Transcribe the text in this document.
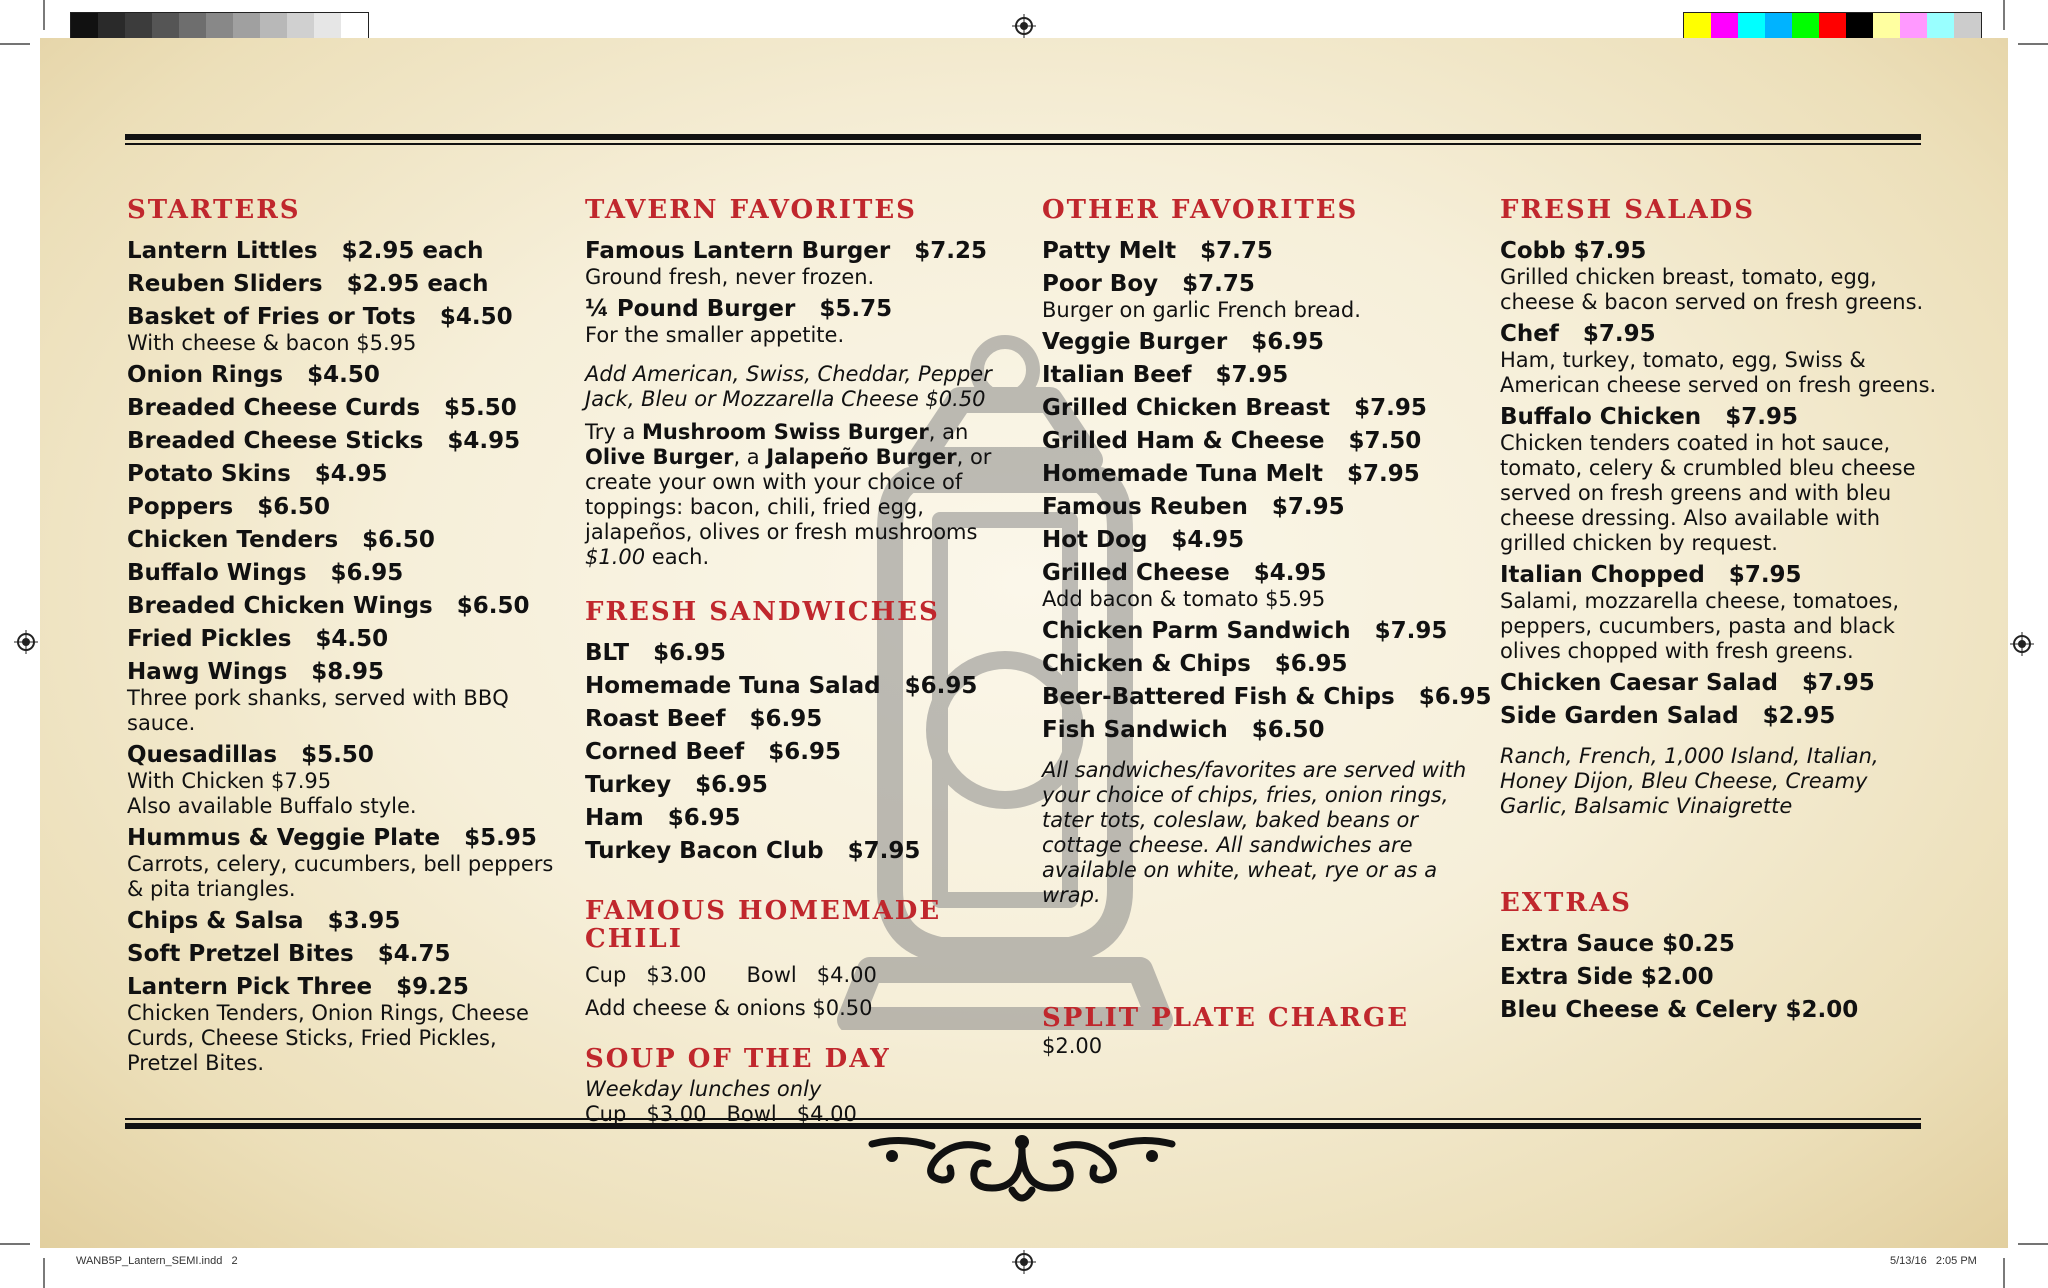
STARTERS
Lantern Littles   $2.95 each
Reuben Sliders   $2.95 each
Basket of Fries or Tots   $4.50
With cheese & bacon $5.95
Onion Rings   $4.50
Breaded Cheese Curds   $5.50
Breaded Cheese Sticks   $4.95
Potato Skins   $4.95
Poppers   $6.50
Chicken Tenders   $6.50
Buffalo Wings   $6.95
Breaded Chicken Wings   $6.50
Fried Pickles   $4.50
Hawg Wings   $8.95
Three pork shanks, served with BBQ sauce.
Quesadillas   $5.50
With Chicken $7.95
Also available Buffalo style.
Hummus & Veggie Plate   $5.95
Carrots, celery, cucumbers, bell peppers & pita triangles.
Chips & Salsa   $3.95
Soft Pretzel Bites   $4.75
Lantern Pick Three   $9.25
Chicken Tenders, Onion Rings, Cheese Curds, Cheese Sticks, Fried Pickles, Pretzel Bites.
TAVERN FAVORITES
Famous Lantern Burger   $7.25
Ground fresh, never frozen.
¼ Pound Burger   $5.75
For the smaller appetite.
Add American, Swiss, Cheddar, Pepper Jack, Bleu or Mozzarella Cheese $0.50
Try a Mushroom Swiss Burger, an Olive Burger, a Jalapeño Burger, or create your own with your choice of toppings: bacon, chili, fried egg, jalapeños, olives or fresh mushrooms $1.00 each.
FRESH SANDWICHES
BLT   $6.95
Homemade Tuna Salad   $6.95
Roast Beef   $6.95
Corned Beef   $6.95
Turkey   $6.95
Ham   $6.95
Turkey Bacon Club   $7.95
FAMOUS HOMEMADE CHILI
Cup   $3.00      Bowl   $4.00
Add cheese & onions $0.50
SOUP OF THE DAY
Weekday lunches only
Cup   $3.00   Bowl   $4.00
OTHER FAVORITES
Patty Melt   $7.75
Poor Boy   $7.75
Burger on garlic French bread.
Veggie Burger   $6.95
Italian Beef   $7.95
Grilled Chicken Breast   $7.95
Grilled Ham & Cheese   $7.50
Homemade Tuna Melt   $7.95
Famous Reuben   $7.95
Hot Dog   $4.95
Grilled Cheese   $4.95
Add bacon & tomato $5.95
Chicken Parm Sandwich   $7.95
Chicken & Chips   $6.95
Beer-Battered Fish & Chips   $6.95
Fish Sandwich   $6.50
All sandwiches/favorites are served with your choice of chips, fries, onion rings, tater tots, coleslaw, baked beans or cottage cheese. All sandwiches are available on white, wheat, rye or as a wrap.
SPLIT PLATE CHARGE
$2.00
FRESH SALADS
Cobb $7.95
Grilled chicken breast, tomato, egg, cheese & bacon served on fresh greens.
Chef   $7.95
Ham, turkey, tomato, egg, Swiss & American cheese served on fresh greens.
Buffalo Chicken   $7.95
Chicken tenders coated in hot sauce, tomato, celery & crumbled bleu cheese served on fresh greens and with bleu cheese dressing. Also available with grilled chicken by request.
Italian Chopped   $7.95
Salami, mozzarella cheese, tomatoes, peppers, cucumbers, pasta and black olives chopped with fresh greens.
Chicken Caesar Salad   $7.95
Side Garden Salad   $2.95
Ranch, French, 1,000 Island, Italian, Honey Dijon, Bleu Cheese, Creamy Garlic, Balsamic Vinaigrette
EXTRAS
Extra Sauce $0.25
Extra Side $2.00
Bleu Cheese & Celery $2.00
WANB5P_Lantern_SEMI.indd   2	5/13/16   2:05 PM
